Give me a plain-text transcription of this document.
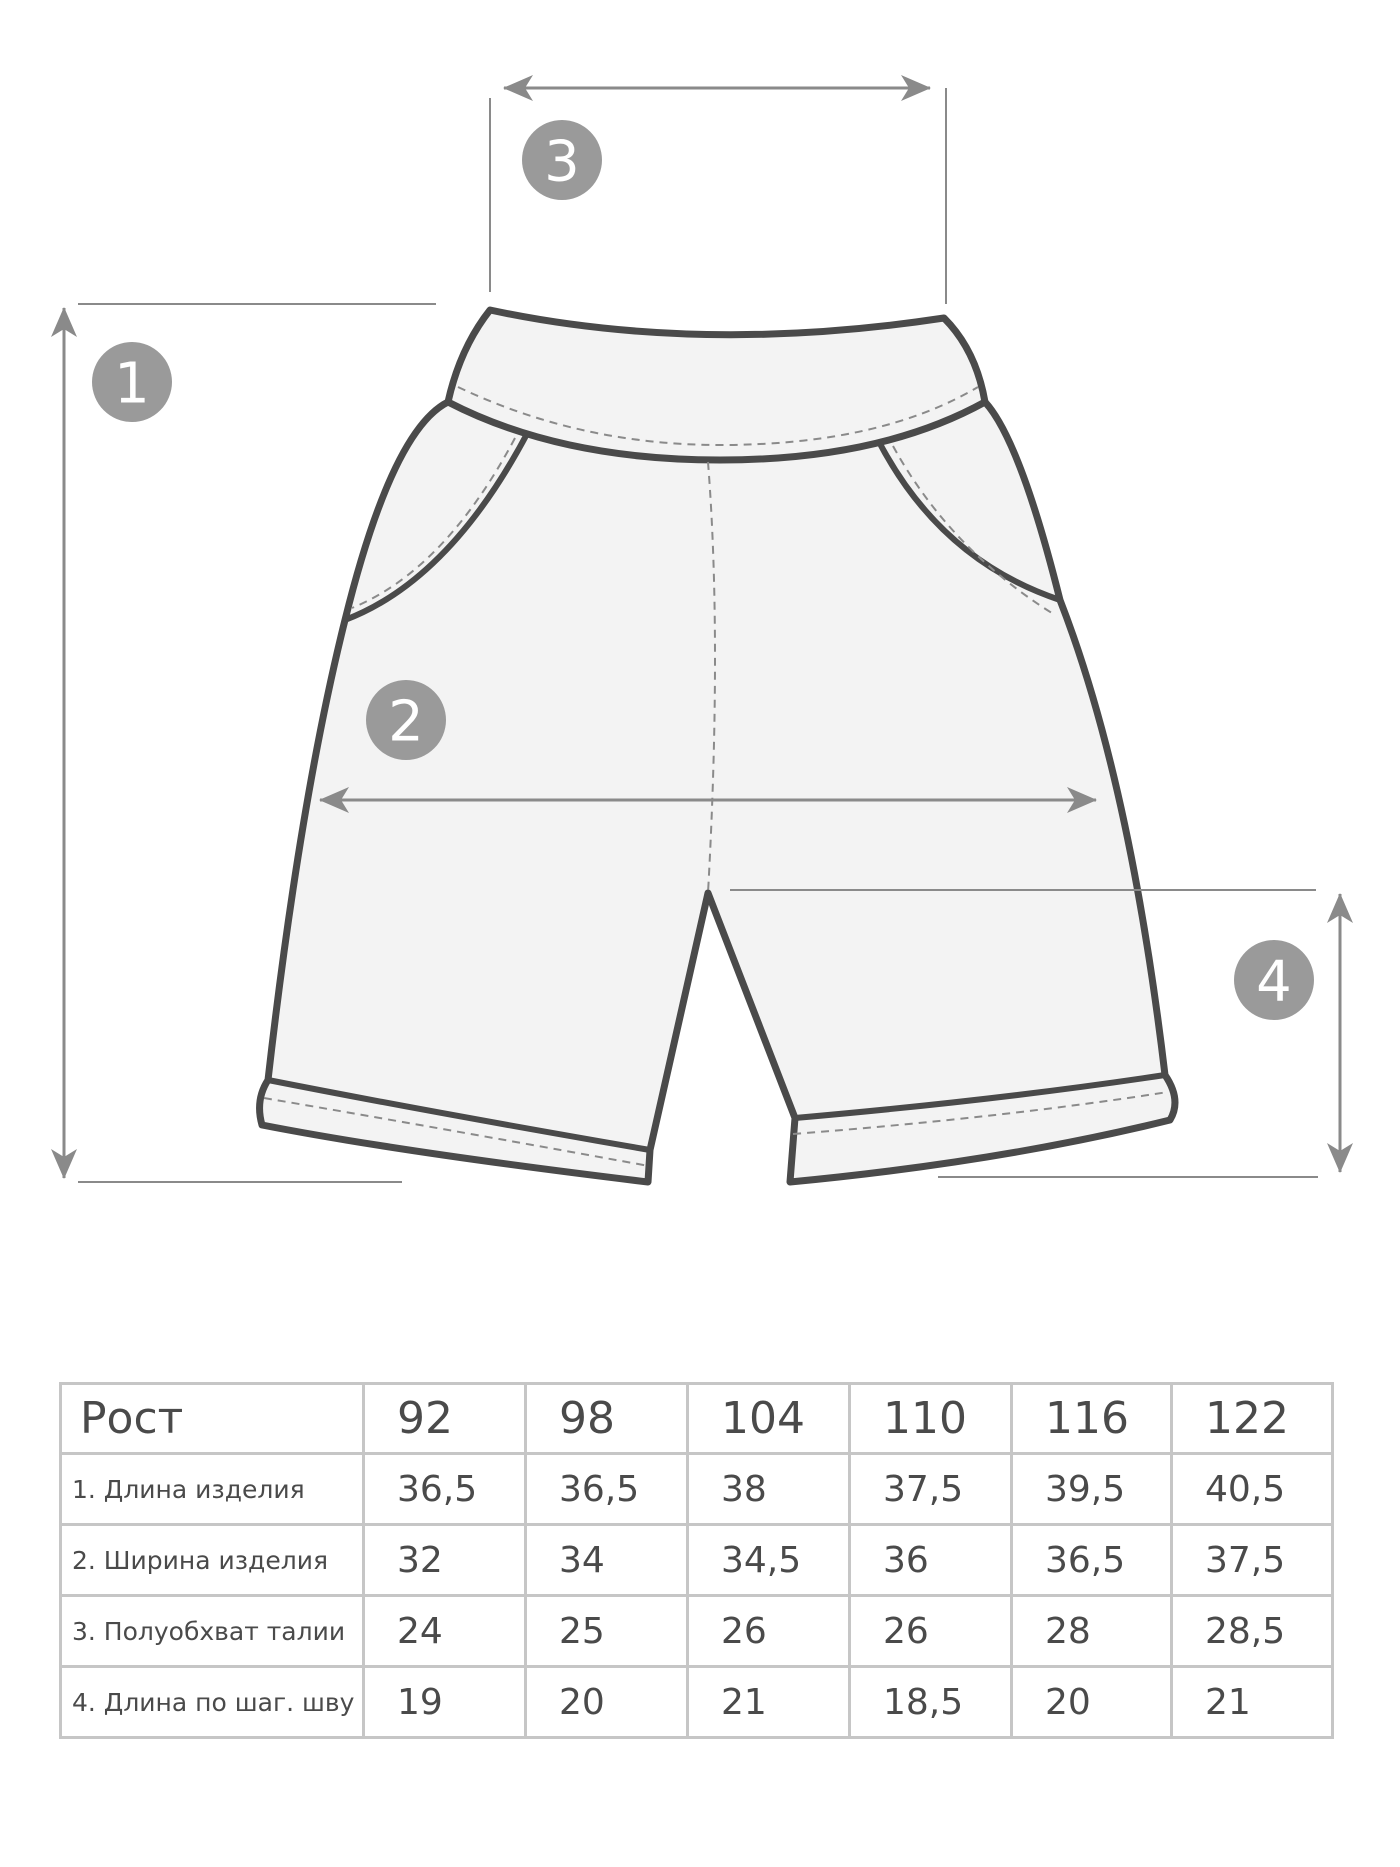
1
2
3
4
Рост	92	98	104	110	116	122
1. Длина изделия	36,5	36,5	38	37,5	39,5	40,5
2. Ширина изделия	32	34	34,5	36	36,5	37,5
3. Полуобхват талии	24	25	26	26	28	28,5
4. Длина по шаг. шву	19	20	21	18,5	20	21
